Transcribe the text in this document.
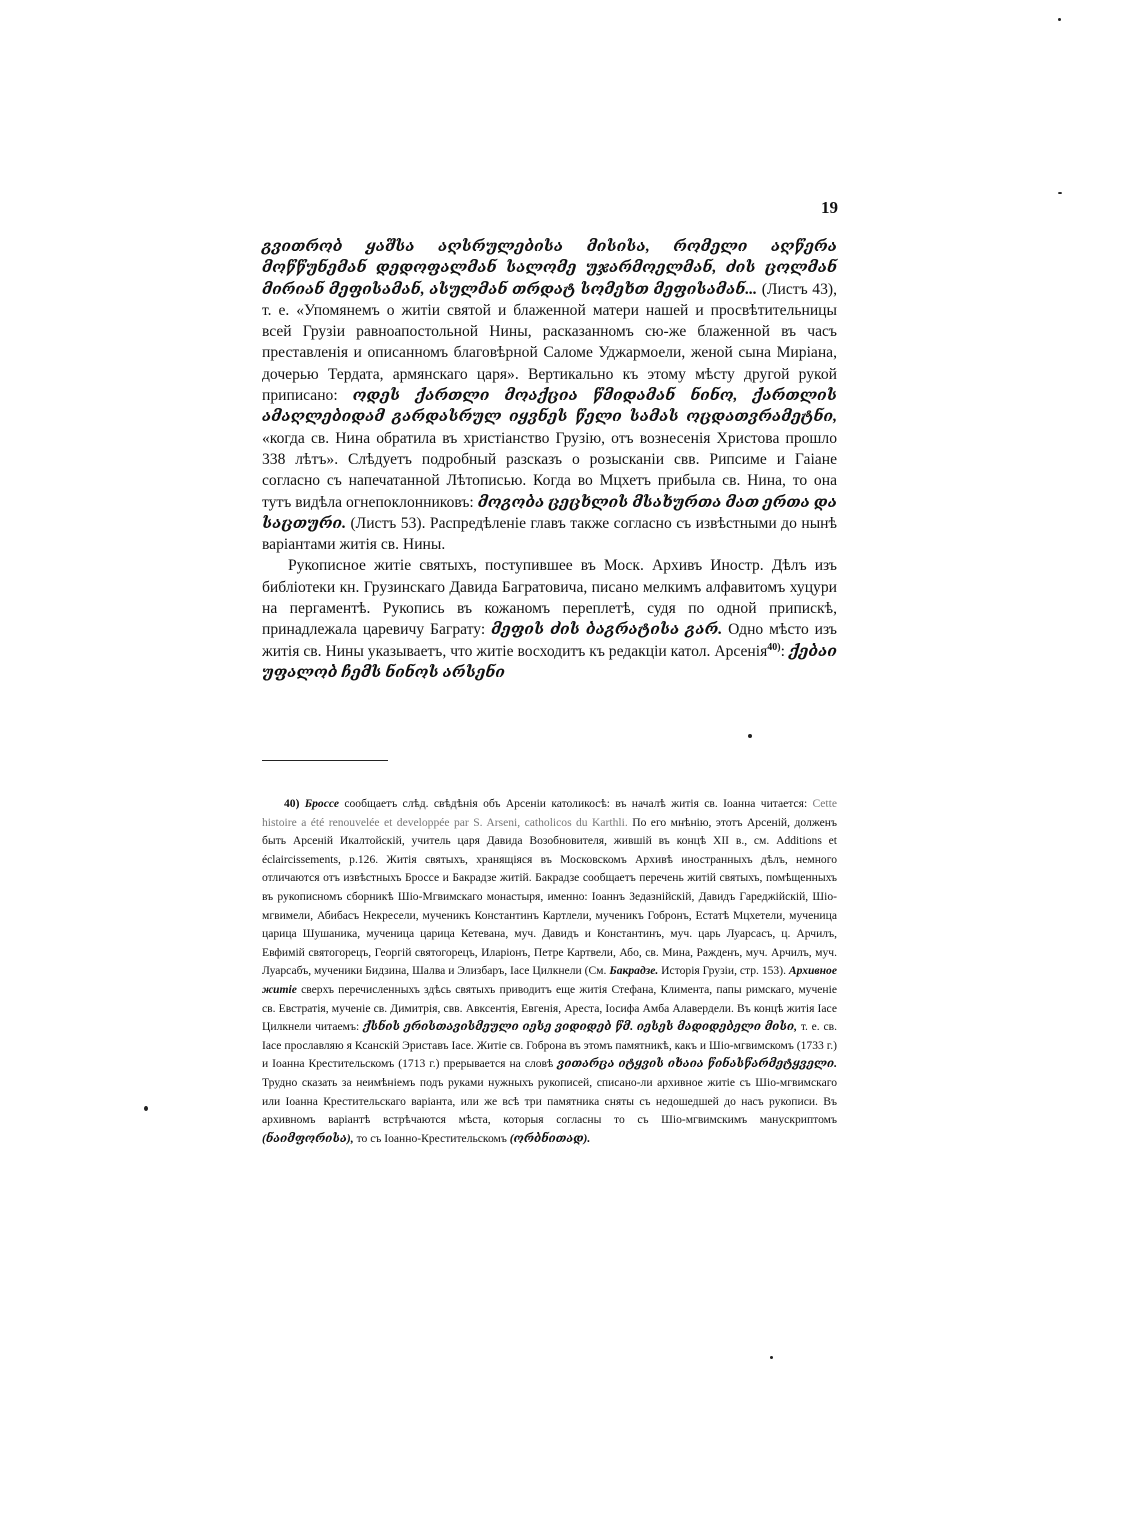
19

გვითრობ ყაშსა აღსრულებისა მისისა, რომელი აღწერა მოწწუნემან დედოფალმან სალომე უჯარმოელმან, ძის ცოლმან მირიან მეფისამან, ასულმან თრდატ სომეხთ მეფისამან... (Листъ 43), т. е. «Упомянемъ о житіи святой и блаженной матери нашей и просвѣтительницы всей Грузіи равноапостольной Нины, расказанномъ сю-же блаженной въ часъ преставленія и описанномъ благовѣрной Саломе Уджармоели, женой сына Миріана, дочерью Тердата, армянскаго царя». Вертикально къ этому мѣсту другой рукой приписано: ოდეს ქართლი მოაქცია წმიდამან ნინო, ქართლის ამაღლებიდამ გარდასრულ იყვნეს წელი სამას ოცდათვრამეტნი, «когда св. Нина обратила въ христіанство Грузію, отъ вознесенія Христова прошло 338 лѣтъ». Слѣдуетъ подробный разсказъ о розысканіи свв. Рипсиме и Гаіане согласно съ напечатанной Лѣтописью. Когда во Мцхетъ прибыла св. Нина, то она тутъ видѣла огнепоклонниковъ: მოგობა ცეცხლის მსახურთა მათ ერთა და საცთური. (Листъ 53). Распредѣленіе главъ также согласно съ извѣстными до нынѣ варіантами житія св. Нины.

Рукописное житіе святыхъ, поступившее въ Моск. Архивъ Иностр. Дѣлъ изъ библіотеки кн. Грузинскаго Давида Багратовича, писано мелкимъ алфавитомъ хуцури на пергаментѣ. Рукопись въ кожаномъ переплетѣ, судя по одной припискѣ, принадлежала царевичу Баграту: მეფის ძის ბაგრატისა გარ. Одно мѣсто изъ житія св. Нины указываетъ, что житіе восходитъ къ редакціи катол. Арсенія$^{40)}$: ქებაი უფალობ ჩემს ნინოს არსენი

40) Броссе сообщаетъ слѣд. свѣдѣнія объ Арсеніи католикосѣ: въ началѣ житія св. Іоанна читается: Cette histoire a été renouvelée et developpée par S. Arseni, catholicos du Karthli. По его мнѣнію, этотъ Арсеній, долженъ быть Арсеній Икалтойскій, учитель царя Давида Возобновителя, жившій въ концѣ XII в., см. Additions et éclaircissements, p.126. Житія святыхъ, хранящіяся въ Московскомъ Архивѣ иностранныхъ дѣлъ, немного отличаются отъ извѣстныхъ Броссе и Бакрадзе житій. Бакрадзе сообщаетъ перечень житій святыхъ, помѣщенныхъ въ рукописномъ сборникѣ Шіо-Мгвимскаго монастыря, именно: Іоаннъ Зедазнійскій, Давидъ Гареджійскій, Шіо-мгвимели, Абибасъ Некресели, мученикъ Константинъ Картлели, мученикъ Гобронъ, Естатѣ Мцхетели, мученица царица Шушаника, мученица царица Кетевана, муч. Давидъ и Константинъ, муч. царь Луарсасъ, ц. Арчилъ, Евфимій святогорецъ, Георгій святогорецъ, Иларіонъ, Петре Картвели, Або, св. Мина, Ражденъ, муч. Арчилъ, муч. Луарсабъ, мученики Бидзина, Шалва и Элизбаръ, Іасе Цилкнели (См. Бакрадзе. Исторія Грузіи, стр. 153). Архивное житіе сверхъ перечисленныхъ здѣсь святыхъ приводитъ еще житія Стефана, Климента, папы римскаго, мученіе св. Евстратія, мученіе св. Димитрія, свв. Авксентія, Евгенія, Ареста, Іосифа Амба Алавердели. Въ концѣ житія Іасе Цилкнели читаемъ: ქსნის ერისთავისმეული იესე ვიდიდებ წმ. იესეს მადიდებელი მისი, т. е. св. Іасе прославляю я Ксанскій Эриставъ Іасе. Житіе св. Гоброна въ этомъ памятникѣ, какъ и Шіо-мгвимскомъ (1733 г.) и Іоанна Крестительскомъ (1713 г.) прерывается на словѣ ვითარცა იტყვის იხაია წინასწარმეტყველი. Трудно сказать за неимѣніемъ подъ руками нужныхъ рукописей, списано-ли архивное житіе съ Шіо-мгвимскаго или Іоанна Крестительскаго варіанта, или же всѣ три памятника сняты съ недошедшей до насъ рукописи. Въ архивномъ варіантѣ встрѣчаются мѣста, которыя согласны то съ Шіо-мгвимскимъ манускриптомъ (ნაიმფორისა), то съ Іоанно-Крестительскомъ (ორბნითად).
